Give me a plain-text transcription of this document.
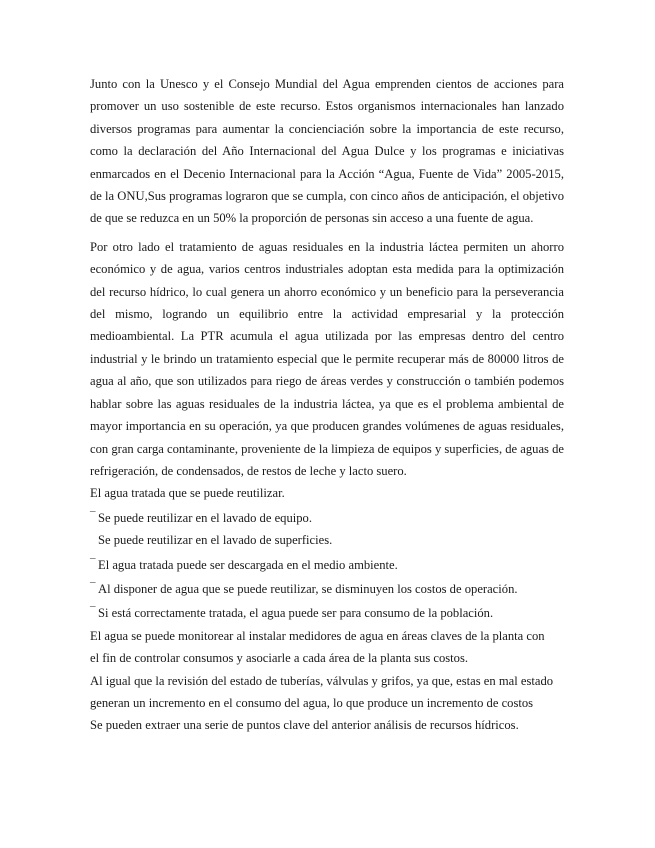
Junto con la Unesco y el Consejo Mundial del Agua emprenden cientos de acciones para promover un uso sostenible de este recurso. Estos organismos internacionales han lanzado diversos programas para aumentar la concienciación sobre la importancia de este recurso, como la declaración del Año Internacional del Agua Dulce y los programas e iniciativas enmarcados en el Decenio Internacional para la Acción “Agua, Fuente de Vida” 2005-2015, de la ONU,Sus programas lograron que se cumpla, con cinco años de anticipación, el objetivo de que se reduzca en un 50% la proporción de personas sin acceso a una fuente de agua.

Por otro lado el tratamiento de aguas residuales en la industria láctea permiten un ahorro económico y de agua, varios centros industriales adoptan esta medida para la optimización del recurso hídrico, lo cual genera un ahorro económico y un beneficio para la perseverancia del mismo, logrando un equilibrio entre la actividad empresarial y la protección medioambiental. La PTR acumula el agua utilizada por las empresas dentro del centro industrial y le brindo un tratamiento especial que le permite recuperar más de 80000 litros de agua al año, que son utilizados para riego de áreas verdes y construcción o también podemos hablar sobre las aguas residuales de la industria láctea, ya que es el problema ambiental de mayor importancia en su operación, ya que producen grandes volúmenes de aguas residuales, con gran carga contaminante, proveniente de la limpieza de equipos y superficies, de aguas de refrigeración, de condensados, de restos de leche y lacto suero.

El agua tratada que se puede reutilizar.
¯ Se puede reutilizar en el lavado de equipo.
Se puede reutilizar en el lavado de superficies.
¯ El agua tratada puede ser descargada en el medio ambiente.
¯ Al disponer de agua que se puede reutilizar, se disminuyen los costos de operación.
¯ Si está correctamente tratada, el agua puede ser para consumo de la población.
El agua se puede monitorear al instalar medidores de agua en áreas claves de la planta con
el fin de controlar consumos y asociarle a cada área de la planta sus costos.
Al igual que la revisión del estado de tuberías, válvulas y grifos, ya que, estas en mal estado
generan un incremento en el consumo del agua, lo que produce un incremento de costos
Se pueden extraer una serie de puntos clave del anterior análisis de recursos hídricos.
